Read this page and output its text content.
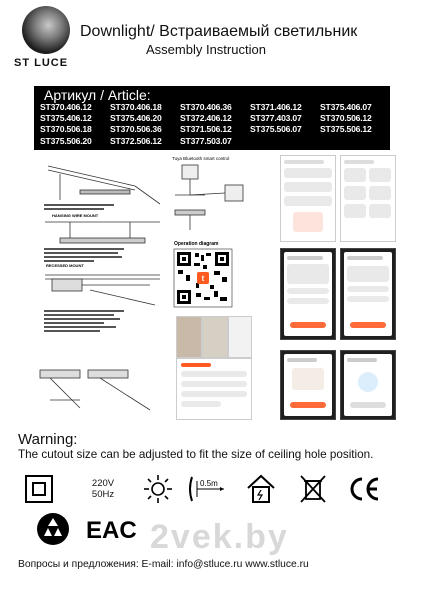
ST LUCE
Downlight/ Встраиваемый светильник
Assembly Instruction
Артикул / Article:
ST370.406.12	ST370.406.18	ST370.406.36	ST371.406.12	ST375.406.07
ST375.406.12	ST375.406.20	ST372.406.12	ST377.403.07	ST370.506.12
ST370.506.18	ST370.506.36	ST371.506.12	ST375.506.07	ST375.506.12
ST375.506.20	ST372.506.12	ST377.503.07
HANGING WIRE MOUNT
RECESSED MOUNT
Tuya Bluetooth smart control
Operation diagram
t
Warning:
The cutout size can be adjusted to fit the size of ceiling hole position.
220V
50Hz
0.5m
EAC 2vek.by
Вопросы и предложения: E-mail: info@stluce.ru www.stluce.ru
